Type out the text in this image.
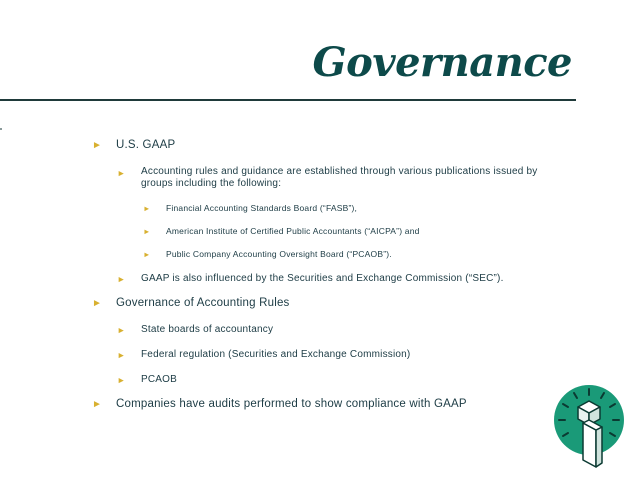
Governance
► U.S. GAAP
► Accounting rules and guidance are established through various publications issued by groups including the following:
► Financial Accounting Standards Board (“FASB”),
► American Institute of Certified Public Accountants (“AICPA”) and
► Public Company Accounting Oversight Board (“PCAOB”).
► GAAP is also influenced by the Securities and Exchange Commission (“SEC”).
► Governance of Accounting Rules
► State boards of accountancy
► Federal regulation (Securities and Exchange Commission)
► PCAOB
► Companies have audits performed to show compliance with GAAP
